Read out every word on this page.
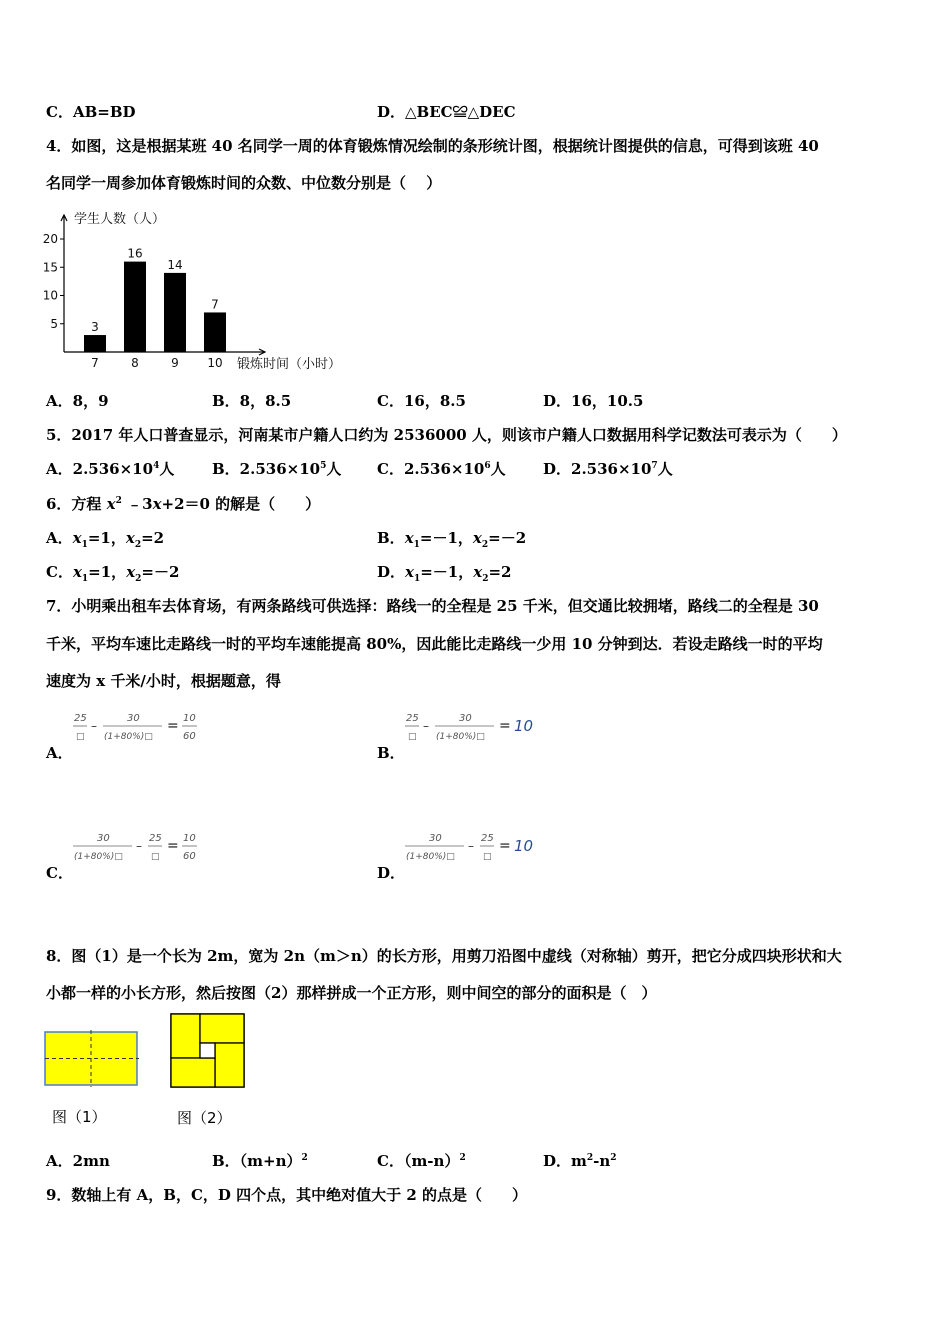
C．AB=BD	D．△BEC≌△DEC
4．如图，这是根据某班 40 名同学一周的体育锻炼情况绘制的条形统计图，根据统计图提供的信息，可得到该班 40
名同学一周参加体育锻炼时间的众数、中位数分别是（　 ）
学生人数（人）
锻炼时间（小时）
5
10
15
20
3
7
16
8
14
9
7
10
A．8，9	B．8，8.5	C．16，8.5	D．16，10.5
5．2017 年人口普查显示，河南某市户籍人口约为 2536000 人，则该市户籍人口数据用科学记数法可表示为（　　）
A．$2.536\times 10^4$人	B．$2.536\times 10^5$人 C．$2.536\times 10^6$人 D．$2.536\times 10^7$人
6．方程 $x^2$ ﹣3x+2＝0 的解是（　　）
A．$x_1=1$，$x_2=2$	B．$x_1=-1$，$x_2=-2$
C．$x_1=1$，$x_2=-2$	D．$x_1=-1$，$x_2=2$
7．小明乘出租车去体育场，有两条路线可供选择：路线一的全程是 25 千米，但交通比较拥堵，路线二的全程是 30
千米，平均车速比走路线一时的平均车速能提高 80%，因此能比走路线一少用 10 分钟到达．若设走路线一时的平均
速度为 x 千米/小时，根据题意，得
25
□
–
30
(1+80%)□
= 10
60
A．
25
□
–
30
(1+80%)□
= 10
B．
30
(1+80%)□
–
25
□
= 10
60
C．
30
(1+80%)□
–
25
□
= 10
D．
8．图（1）是一个长为 2m，宽为 2n（m＞n）的长方形，用剪刀沿图中虚线（对称轴）剪开，把它分成四块形状和大
小都一样的小长方形，然后按图（2）那样拼成一个正方形，则中间空的部分的面积是（　）
图（1）	图（2）
A．2mn	B．$(m+n)^2$	C．$(m-n)^2$	D．$m^2-n^2$
9．数轴上有 A，B，C，D 四个点，其中绝对值大于 2 的点是（　　）
